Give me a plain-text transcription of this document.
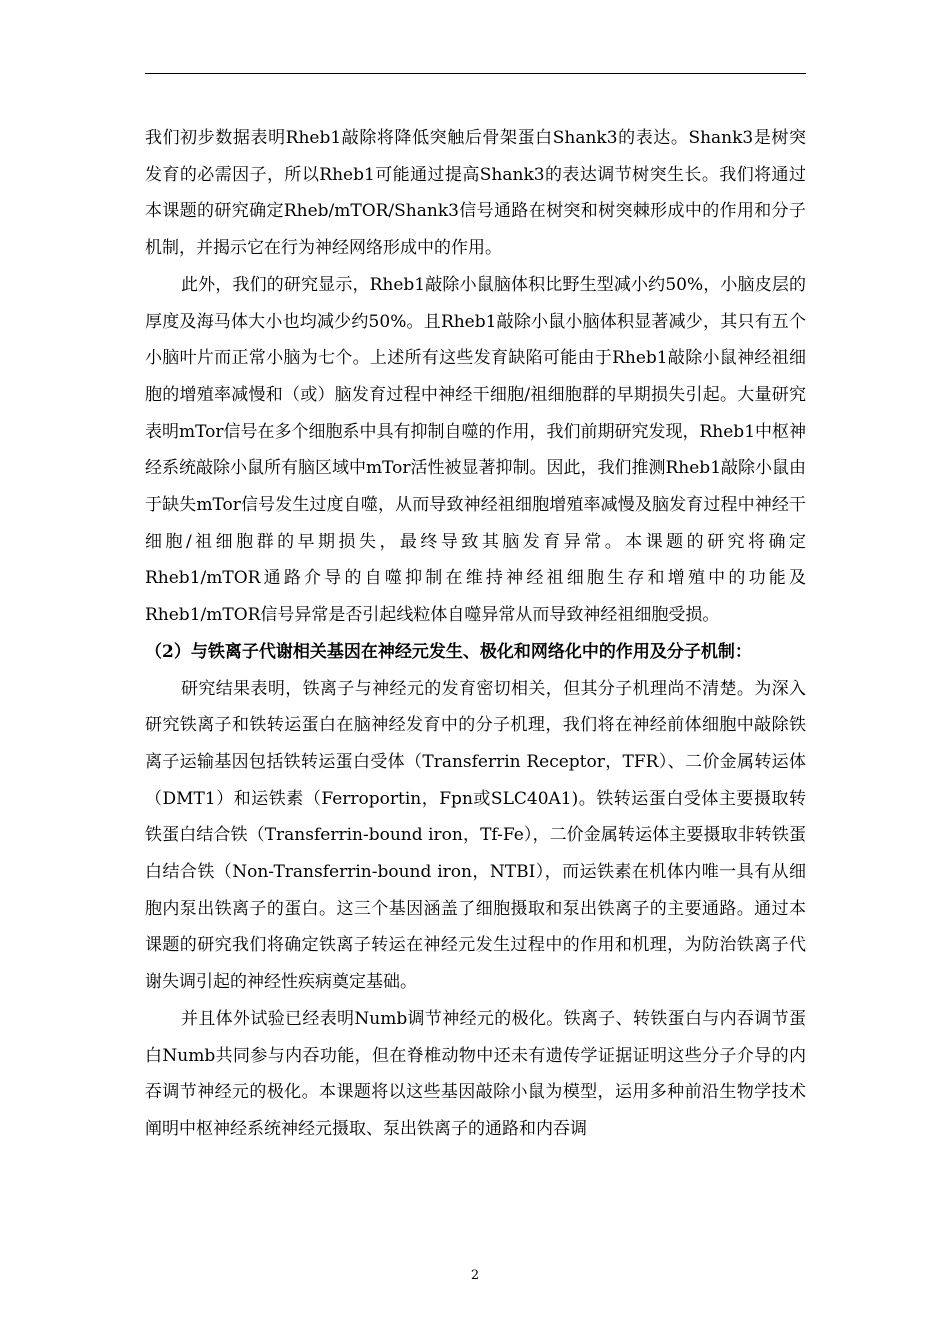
我们初步数据表明Rheb1敲除将降低突触后骨架蛋白Shank3的表达。Shank3是树突发育的必需因子，所以Rheb1可能通过提高Shank3的表达调节树突生长。我们将通过本课题的研究确定Rheb/mTOR/Shank3信号通路在树突和树突棘形成中的作用和分子机制，并揭示它在行为神经网络形成中的作用。

此外，我们的研究显示，Rheb1敲除小鼠脑体积比野生型减小约50%，小脑皮层的厚度及海马体大小也均减少约50%。且Rheb1敲除小鼠小脑体积显著减少，其只有五个小脑叶片而正常小脑为七个。上述所有这些发育缺陷可能由于Rheb1敲除小鼠神经祖细胞的增殖率减慢和（或）脑发育过程中神经干细胞/祖细胞群的早期损失引起。大量研究表明mTor信号在多个细胞系中具有抑制自噬的作用，我们前期研究发现，Rheb1中枢神经系统敲除小鼠所有脑区域中mTor活性被显著抑制。因此，我们推测Rheb1敲除小鼠由于缺失mTor信号发生过度自噬，从而导致神经祖细胞增殖率减慢及脑发育过程中神经干细胞/祖细胞群的早期损失，最终导致其脑发育异常。本课题的研究将确定Rheb1/mTOR通路介导的自噬抑制在维持神经祖细胞生存和增殖中的功能及Rheb1/mTOR信号异常是否引起线粒体自噬异常从而导致神经祖细胞受损。

（2）与铁离子代谢相关基因在神经元发生、极化和网络化中的作用及分子机制：

研究结果表明，铁离子与神经元的发育密切相关，但其分子机理尚不清楚。为深入研究铁离子和铁转运蛋白在脑神经发育中的分子机理，我们将在神经前体细胞中敲除铁离子运输基因包括铁转运蛋白受体（Transferrin Receptor，TFR）、二价金属转运体（DMT1）和运铁素（Ferroportin，Fpn或SLC40A1)。铁转运蛋白受体主要摄取转铁蛋白结合铁（Transferrin-bound iron，Tf-Fe），二价金属转运体主要摄取非转铁蛋白结合铁（Non-Transferrin-bound iron，NTBI），而运铁素在机体内唯一具有从细胞内泵出铁离子的蛋白。这三个基因涵盖了细胞摄取和泵出铁离子的主要通路。通过本课题的研究我们将确定铁离子转运在神经元发生过程中的作用和机理，为防治铁离子代谢失调引起的神经性疾病奠定基础。

并且体外试验已经表明Numb调节神经元的极化。铁离子、转铁蛋白与内吞调节蛋白Numb共同参与内吞功能，但在脊椎动物中还未有遗传学证据证明这些分子介导的内吞调节神经元的极化。本课题将以这些基因敲除小鼠为模型，运用多种前沿生物学技术阐明中枢神经系统神经元摄取、泵出铁离子的通路和内吞调

2
